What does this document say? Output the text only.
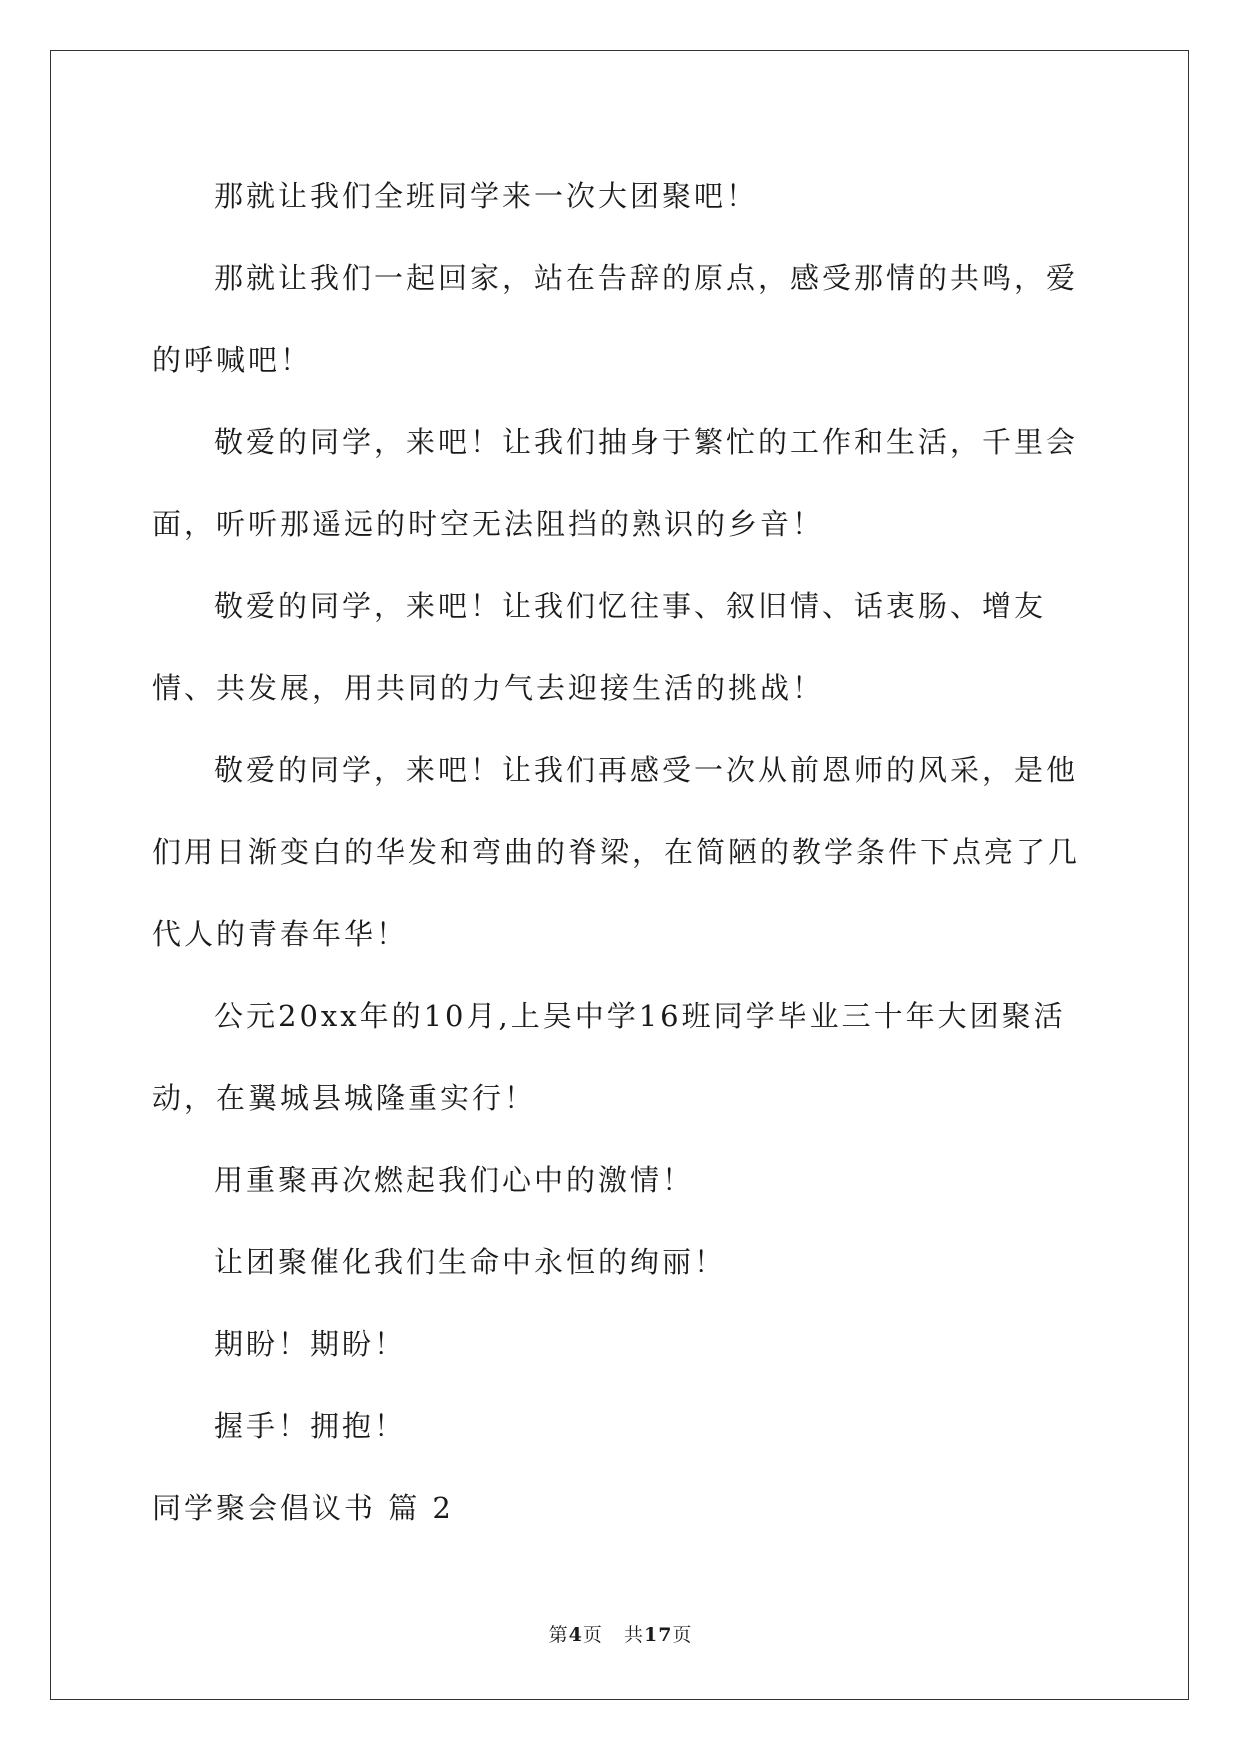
那就让我们全班同学来一次大团聚吧！

那就让我们一起回家，站在告辞的原点，感受那情的共鸣，爱的呼喊吧！

敬爱的同学，来吧！让我们抽身于繁忙的工作和生活，千里会面，听听那遥远的时空无法阻挡的熟识的乡音！

敬爱的同学，来吧！让我们忆往事、叙旧情、话衷肠、增友情、共发展，用共同的力气去迎接生活的挑战！

敬爱的同学，来吧！让我们再感受一次从前恩师的风采，是他们用日渐变白的华发和弯曲的脊梁，在简陋的教学条件下点亮了几代人的青春年华！

公元20xx年的10月,上吴中学16班同学毕业三十年大团聚活动，在翼城县城隆重实行！

用重聚再次燃起我们心中的激情！

让团聚催化我们生命中永恒的绚丽！

期盼！期盼！

握手！拥抱！

同学聚会倡议书 篇 2

第4页 共17页
